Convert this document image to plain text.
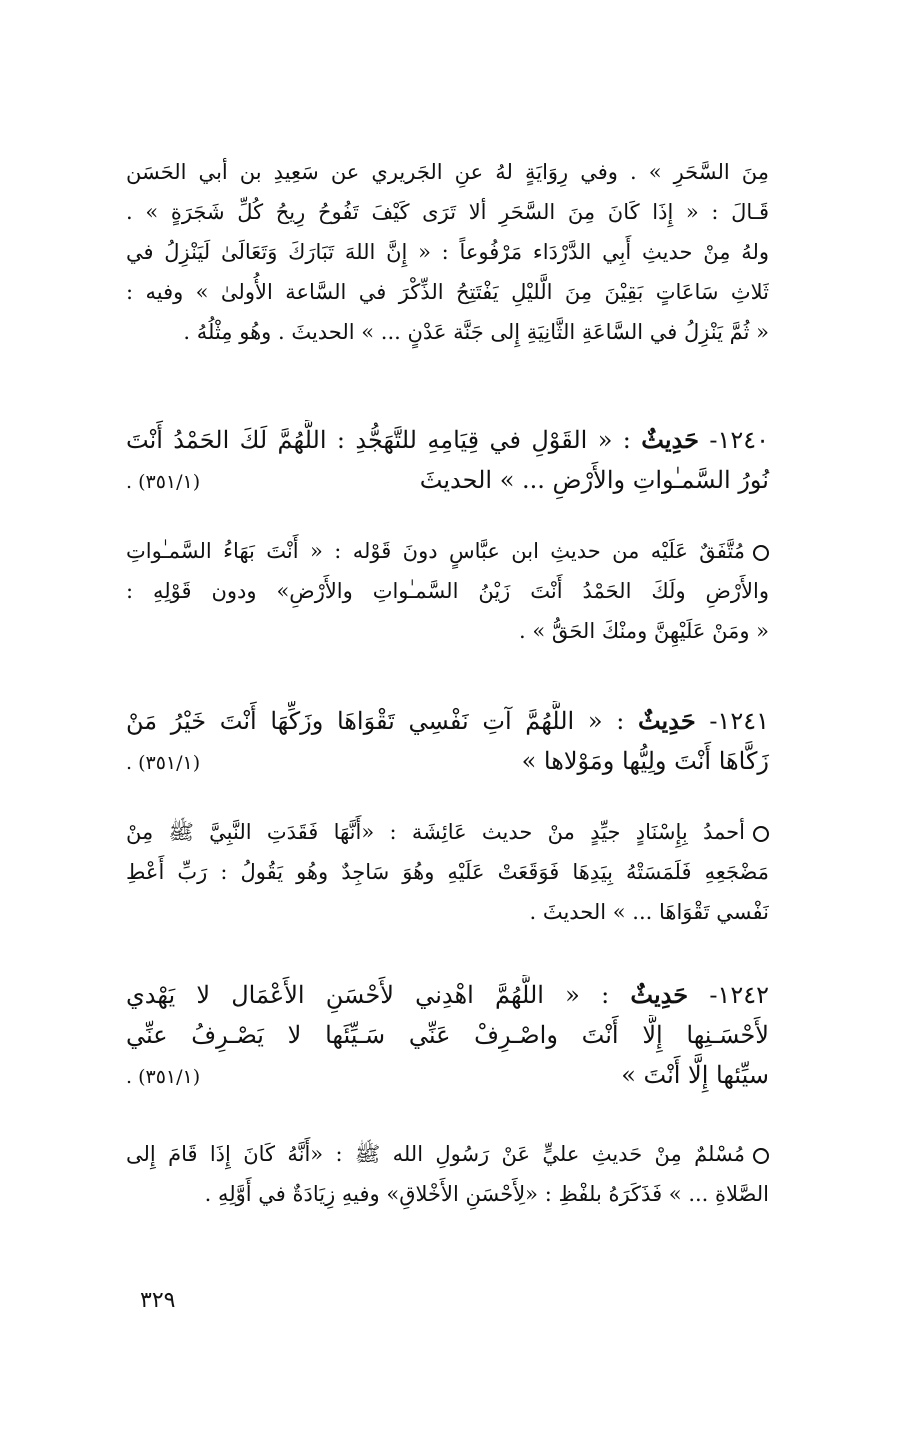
مِنَ السَّحَرِ » . وفي رِوَايَةٍ لهُ عنِ الجَريري عن سَعِيدِ بن أبي الحَسَن
قَـالَ : « إِذَا كَانَ مِنَ السَّحَرِ ألا تَرَى كَيْفَ تَفُوحُ رِيحُ كُلِّ شَجَرَةٍ » .
ولهُ مِنْ حديثِ أَبِي الدَّرْدَاء مَرْفُوعاً : « إِنَّ اللهَ تَبَارَكَ وَتَعَالَىٰ لَيَنْزِلُ في
ثَلاثِ سَاعَاتٍ بَقِيْنَ مِنَ الَّليْلِ يَفْتَتِحُ الذِّكْرَ في السَّاعة الأُولىٰ » وفيه :
« ثُمَّ يَنْزِلُ في السَّاعَةِ الثَّانِيَةِ إِلى جَنَّة عَدْنٍ ... » الحديثَ . وهُو مِثْلُهُ .
١٢٤٠- حَدِيثٌ : « القَوْلِ في قِيَامِهِ للتَّهَجُّدِ : اللَّهُمَّ لَكَ الحَمْدُ أَنْتَ
نُورُ السَّمـٰواتِ والأَرْضِ ... » الحديثَ
(٣٥١/١) .
مُتَّفَقٌ عَلَيْه من حديثِ ابن عبَّاسٍ دونَ قَوْله : « أَنْتَ بَهَاءُ السَّمـٰواتِ
والأَرْضِ ولَكَ الحَمْدُ أَنْتَ زَيْنُ السَّمـٰواتِ والأَرْضِ» ودون قَوْلِهِ :
« ومَنْ عَلَيْهِنَّ ومنْكَ الحَقُّ » .
١٢٤١- حَدِيثٌ : « اللَّهُمَّ آتِ نَفْسِي تَقْوَاهَا وزَكِّهَا أَنْتَ خَيْرُ مَنْ
زَكَّاهَا أَنْتَ ولِيُّها ومَوْلاها »
(٣٥١/١) .
أحمدُ بِإِسْنَادٍ جيِّدٍ منْ حديث عَائِشَة : «أَنَّهَا فَقَدَتِ النَّبِيَّ ﷺ مِنْ
مَضْجَعِهِ فَلَمَسَتْهُ بِيَدِهَا فَوَقَعَتْ عَلَيْهِ وهُوَ سَاجِدٌ وهُو يَقُولُ : رَبِّ أَعْطِ
نَفْسي تَقْوَاهَا ... » الحديثَ .
١٢٤٢- حَدِيثٌ : « اللَّهُمَّ اهْدِني لأَحْسَنِ الأَعْمَال لا يَهْدي
لأَحْسَـنِها إِلَّا أَنْتَ واصْـرِفْ عَنِّي سَـيِّئَها لا يَصْـرِفُ عنِّي
سيِّئها إِلَّا أَنْتَ »
(٣٥١/١) .
مُسْلمٌ مِنْ حَديثِ عليٍّ عَنْ رَسُولِ الله ﷺ : «أَنَّهُ كَانَ إِذَا قَامَ إِلى
الصَّلاةِ ... » فَذَكَرَهُ بلفْظِ : «لِأَحْسَنِ الأَخْلاقِ» وفيهِ زِيَادَةٌ في أَوَّلِهِ .
٣٢٩
